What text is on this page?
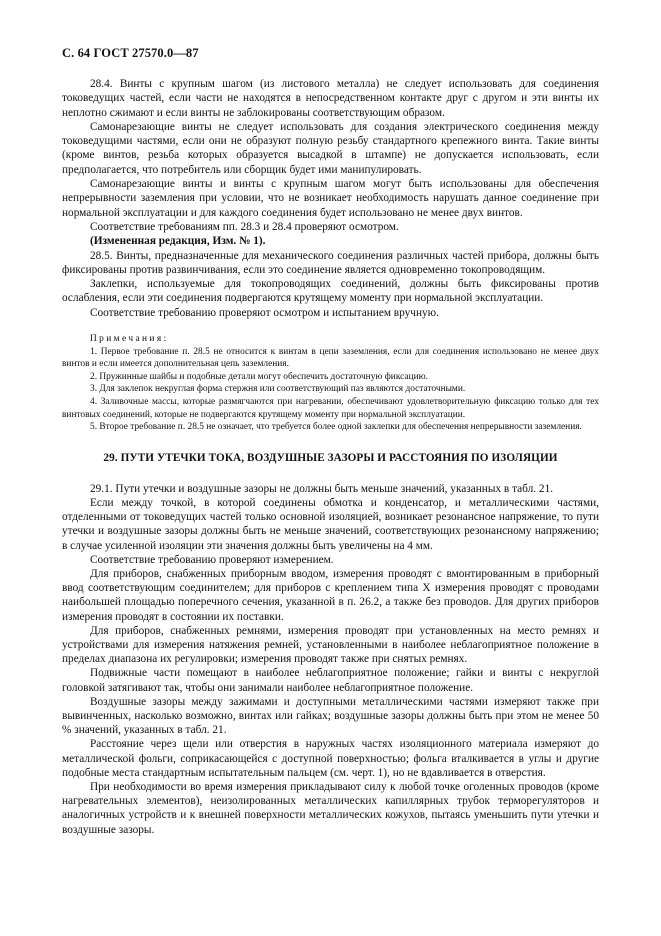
С. 64 ГОСТ 27570.0—87

28.4. Винты с крупным шагом (из листового металла) не следует использовать для соединения токоведущих частей, если части не находятся в непосредственном контакте друг с другом и эти винты их неплотно сжимают и если винты не заблокированы соответствующим образом.

Самонарезающие винты не следует использовать для создания электрического соединения между токоведущими частями, если они не образуют полную резьбу стандартного крепежного винта. Такие винты (кроме винтов, резьба которых образуется высадкой в штампе) не допускается использовать, если предполагается, что потребитель или сборщик будет ими манипулировать.

Самонарезающие винты и винты с крупным шагом могут быть использованы для обеспечения непрерывности заземления при условии, что не возникает необходимость нарушать данное соединение при нормальной эксплуатации и для каждого соединения будет использовано не менее двух винтов.

Соответствие требованиям пп. 28.3 и 28.4 проверяют осмотром.

(Измененная редакция, Изм. № 1).

28.5. Винты, предназначенные для механического соединения различных частей прибора, должны быть фиксированы против развинчивания, если это соединение является одновременно токопроводящим.

Заклепки, используемые для токопроводящих соединений, должны быть фиксированы против ослабления, если эти соединения подвергаются крутящему моменту при нормальной эксплуатации.

Соответствие требованию проверяют осмотром и испытанием вручную.

Примечания:

1. Первое требование п. 28.5 не относится к винтам в цепи заземления, если для соединения использовано не менее двух винтов и если имеется дополнительная цепь заземления.

2. Пружинные шайбы и подобные детали могут обеспечить достаточную фиксацию.

3. Для заклепок некруглая форма стержня или соответствующий паз являются достаточными.

4. Заливочные массы, которые размягчаются при нагревании, обеспечивают удовлетворительную фиксацию только для тех винтовых соединений, которые не подвергаются крутящему моменту при нормальной эксплуатации.

5. Второе требование п. 28.5 не означает, что требуется более одной заклепки для обеспечения непрерывности заземления.

29. ПУТИ УТЕЧКИ ТОКА, ВОЗДУШНЫЕ ЗАЗОРЫ И РАССТОЯНИЯ ПО ИЗОЛЯЦИИ

29.1. Пути утечки и воздушные зазоры не должны быть меньше значений, указанных в табл. 21.

Если между точкой, в которой соединены обмотка и конденсатор, и металлическими частями, отделенными от токоведущих частей только основной изоляцией, возникает резонансное напряжение, то пути утечки и воздушные зазоры должны быть не меньше значений, соответствующих резонансному напряжению; в случае усиленной изоляции эти значения должны быть увеличены на 4 мм.

Соответствие требованию проверяют измерением.

Для приборов, снабженных приборным вводом, измерения проводят с вмонтированным в приборный ввод соответствующим соединителем; для приборов с креплением типа X измерения проводят с проводами наибольшей площадью поперечного сечения, указанной в п. 26.2, а также без проводов. Для других приборов измерения проводят в состоянии их поставки.

Для приборов, снабженных ремнями, измерения проводят при установленных на место ремнях и устройствами для измерения натяжения ремней, установленными в наиболее неблагоприятное положение в пределах диапазона их регулировки; измерения проводят также при снятых ремнях.

Подвижные части помещают в наиболее неблагоприятное положение; гайки и винты с некруглой головкой затягивают так, чтобы они занимали наиболее неблагоприятное положение.

Воздушные зазоры между зажимами и доступными металлическими частями измеряют также при вывинченных, насколько возможно, винтах или гайках; воздушные зазоры должны быть при этом не менее 50 % значений, указанных в табл. 21.

Расстояние через щели или отверстия в наружных частях изоляционного материала измеряют до металлической фольги, соприкасающейся с доступной поверхностью; фольга вталкивается в углы и другие подобные места стандартным испытательным пальцем (см. черт. 1), но не вдавливается в отверстия.

При необходимости во время измерения прикладывают силу к любой точке оголенных проводов (кроме нагревательных элементов), неизолированных металлических капиллярных трубок терморегуляторов и аналогичных устройств и к внешней поверхности металлических кожухов, пытаясь уменьшить пути утечки и воздушные зазоры.
